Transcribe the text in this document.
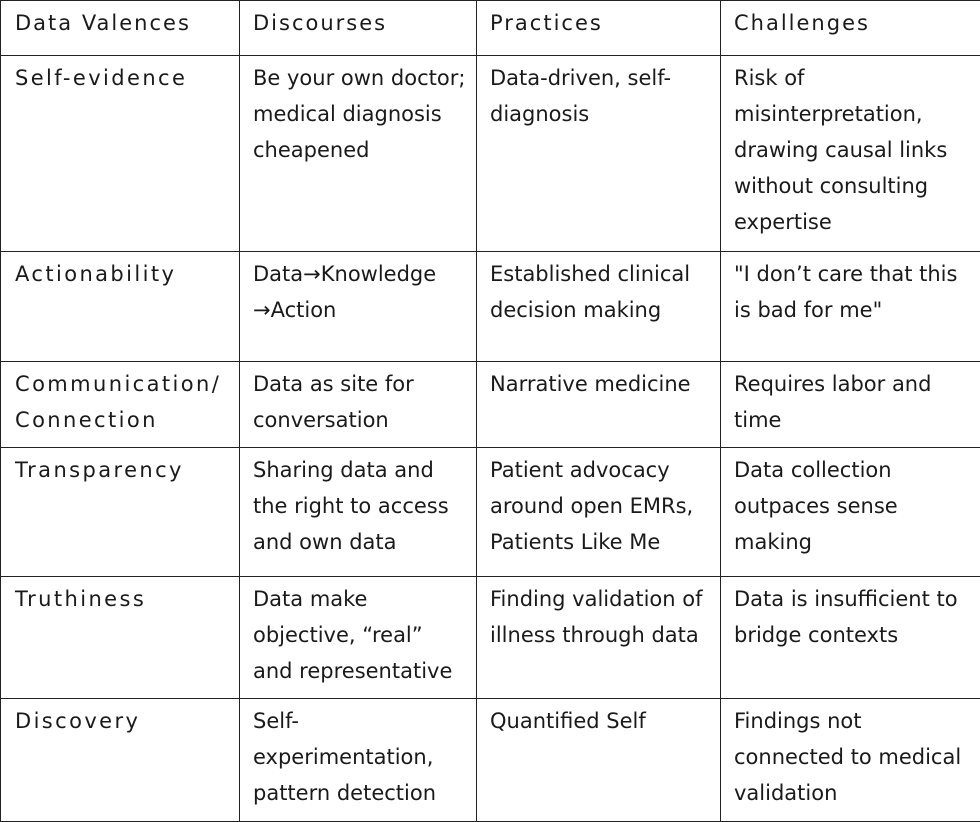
Data Valences	Discourses	Practices	Challenges
Self-evidence	Be your own doctor; medical diagnosis cheapened	Data-driven, self-diagnosis	Risk of misinterpretation, drawing causal links without consulting expertise
Actionability	Data→Knowledge →Action	Established clinical decision making	"I don’t care that this is bad for me"
Communication/ Connection	Data as site for conversation	Narrative medicine	Requires labor and time
Transparency	Sharing data and the right to access and own data	Patient advocacy around open EMRs, Patients Like Me	Data collection outpaces sense making
Truthiness	Data make objective, “real” and representative	Finding validation of illness through data	Data is insufficient to bridge contexts
Discovery	Self-experimentation, pattern detection	Quantified Self	Findings not connected to medical validation
